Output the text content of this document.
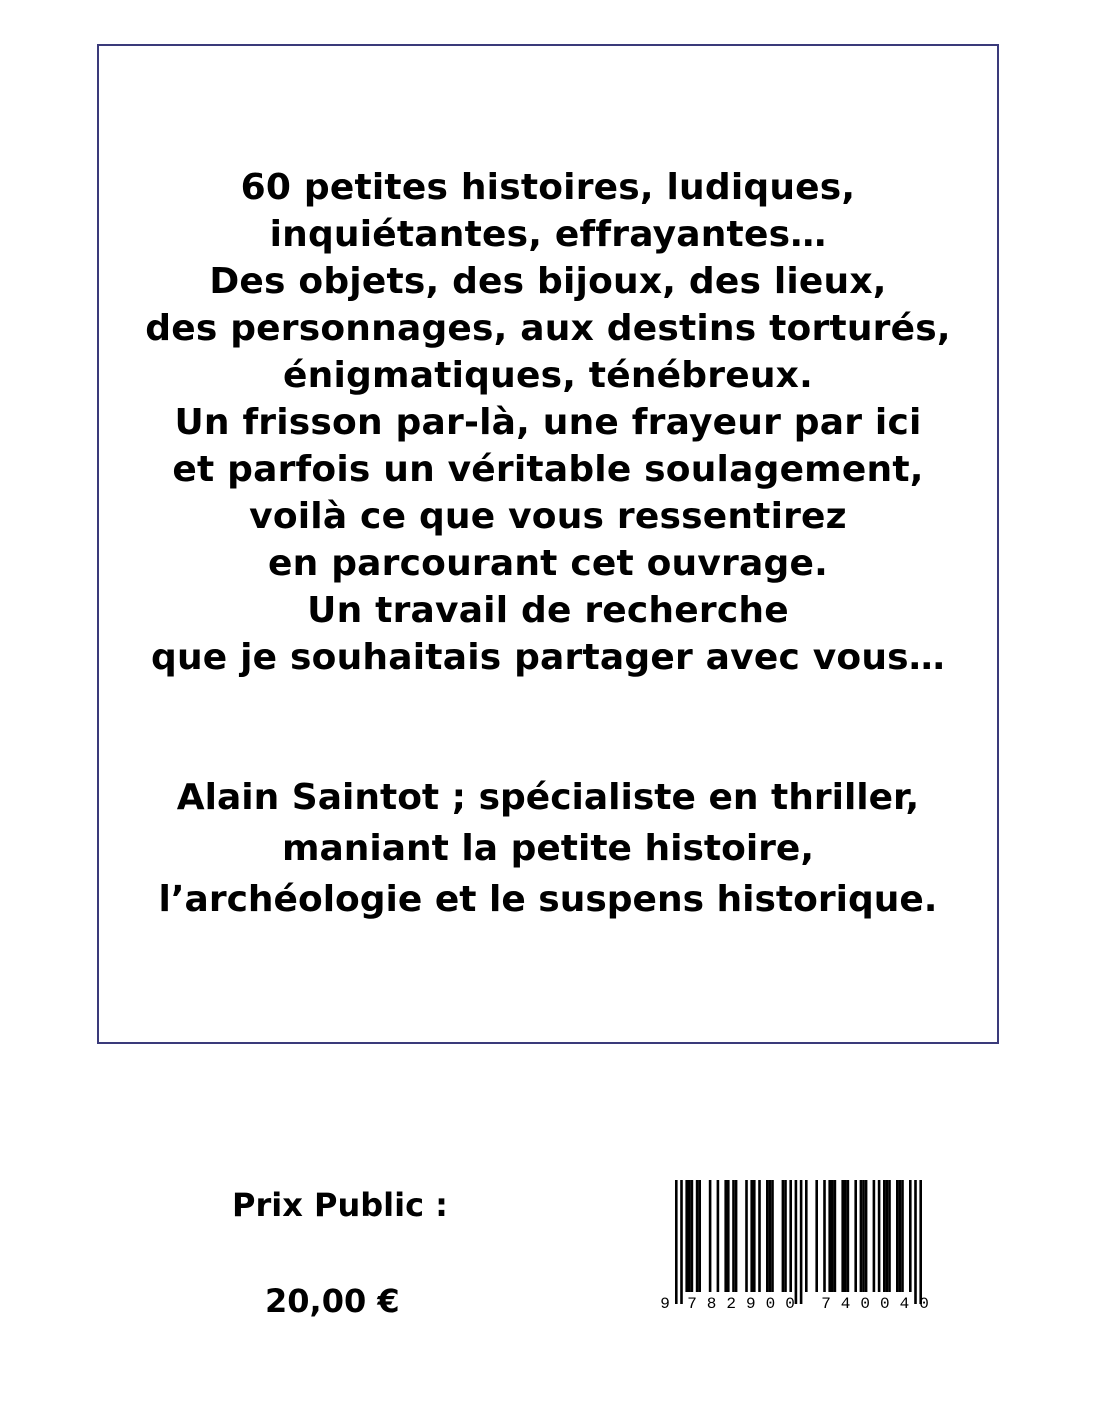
60 petites histoires, ludiques,
inquiétantes, effrayantes…
Des objets, des bijoux, des lieux,
des personnages, aux destins torturés,
énigmatiques, ténébreux.
Un frisson par-là, une frayeur par ici
et parfois un véritable soulagement,
voilà ce que vous ressentirez
en parcourant cet ouvrage.
Un travail de recherche
que je souhaitais partager avec vous…
Alain Saintot ; spécialiste en thriller,
maniant la petite histoire,
l’archéologie et le suspens historique.
Prix Public :
20,00 €	9 782900 740040
